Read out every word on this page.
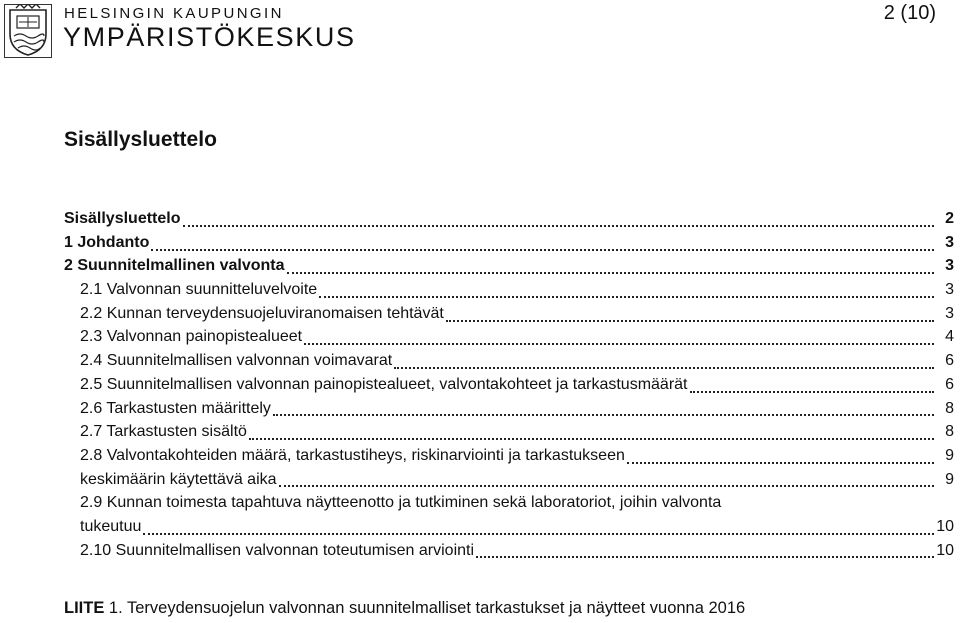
HELSINGIN KAUPUNGIN
YMPÄRISTÖKESKUS
2 (10)
Sisällysluettelo
Sisällysluettelo	2
1 Johdanto	3
2 Suunnitelmallinen valvonta	3
2.1 Valvonnan suunnitteluvelvoite	3
2.2 Kunnan terveydensuojeluviranomaisen tehtävät	3
2.3 Valvonnan painopistealueet	4
2.4 Suunnitelmallisen valvonnan voimavarat	6
2.5 Suunnitelmallisen valvonnan painopistealueet, valvontakohteet ja tarkastusmäärät	6
2.6 Tarkastusten määrittely	8
2.7 Tarkastusten sisältö	8
2.8 Valvontakohteiden määrä, tarkastustiheys, riskinarviointi ja tarkastukseen	9
keskimäärin käytettävä aika	9
2.9 Kunnan toimesta tapahtuva näytteenotto ja tutkiminen sekä laboratoriot, joihin valvonta
tukeutuu	10
2.10 Suunnitelmallisen valvonnan toteutumisen arviointi	10
LIITE 1. Terveydensuojelun valvonnan suunnitelmalliset tarkastukset ja näytteet vuonna 2016
